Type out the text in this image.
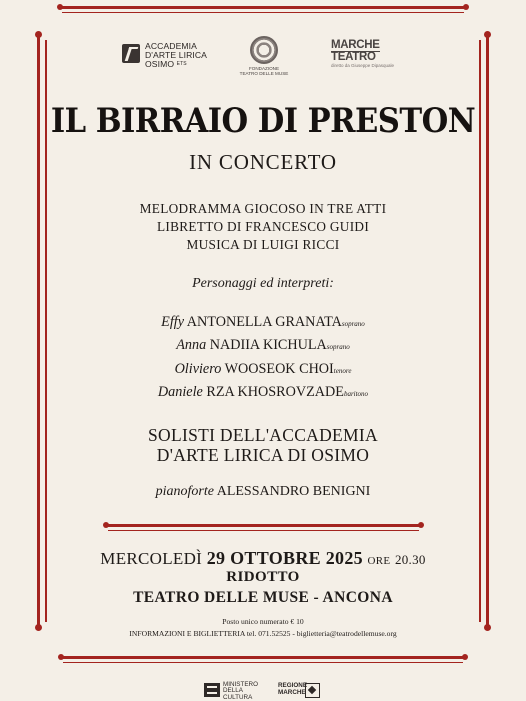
ACCADEMIA
D'ARTE LIRICA
OSIMO ETS
FONDAZIONE
TEATRO DELLE MUSE
MARCHE
TEATRO
diretto da Giuseppe Dipasquale
IL BIRRAIO DI PRESTON
IN CONCERTO
MELODRAMMA GIOCOSO IN TRE ATTI
LIBRETTO DI FRANCESCO GUIDI
MUSICA DI LUIGI RICCI
Personaggi ed interpreti:
Effy ANTONELLA GRANATAsoprano
Anna NADIIA KICHULAsoprano
Oliviero WOOSEOK CHOItenore
Daniele RZA KHOSROVZADEbaritono
SOLISTI DELL'ACCADEMIA
D'ARTE LIRICA DI OSIMO
pianoforte ALESSANDRO BENIGNI
MERCOLEDÌ 29 OTTOBRE 2025 ORE 20.30
RIDOTTO
TEATRO DELLE MUSE - ANCONA
Posto unico numerato € 10
INFORMAZIONI E BIGLIETTERIA tel. 071.52525 - biglietteria@teatrodellemuse.org
MINISTERO
DELLA
CULTURA
REGIONE
MARCHE
